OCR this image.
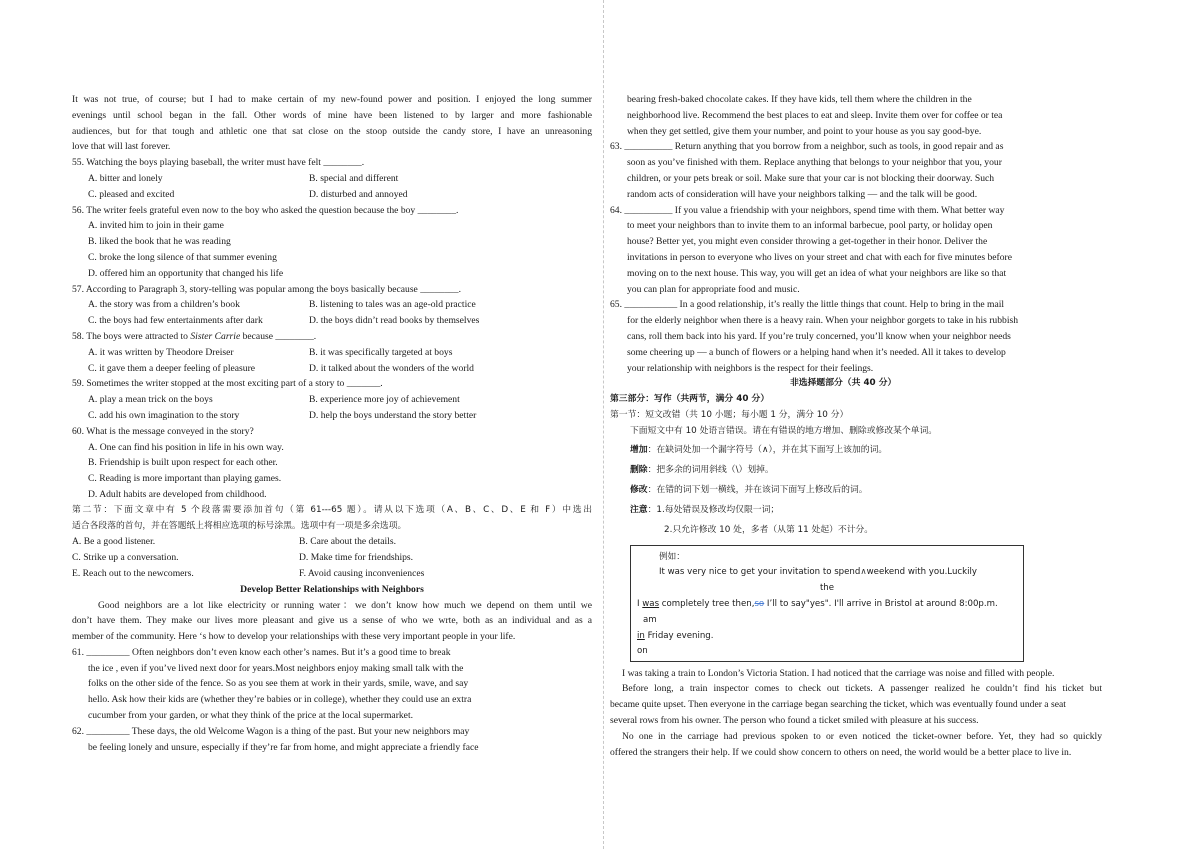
It was not true, of course; but I had to make certain of my new-found power and position. I enjoyed the long summer
evenings until school began in the fall. Other words of mine have been listened to by larger and more fashionable
audiences, but for that tough and athletic one that sat close on the stoop outside the candy store, I have an unreasoning
love that will last forever.
55. Watching the boys playing baseball, the writer must have felt ________.
A. bitter and lonely	B. special and different
C. pleased and excited	D. disturbed and annoyed
56. The writer feels grateful even now to the boy who asked the question because the boy ________.
A. invited him to join in their game
B. liked the book that he was reading
C. broke the long silence of that summer evening
D. offered him an opportunity that changed his life
57. According to Paragraph 3, story-telling was popular among the boys basically because ________.
A. the story was from a children’s book	B. listening to tales was an age-old practice
C. the boys had few entertainments after dark	D. the boys didn’t read books by themselves
58. The boys were attracted to Sister Carrie because ________.
A. it was written by Theodore Dreiser	B. it was specifically targeted at boys
C. it gave them a deeper feeling of pleasure	D. it talked about the wonders of the world
59. Sometimes the writer stopped at the most exciting part of a story to _______.
A. play a mean trick on the boys	B. experience more joy of achievement
C. add his own imagination to the story	D. help the boys understand the story better
60. What is the message conveyed in the story?
A. One can find his position in life in his own way.
B. Friendship is built upon respect for each other.
C. Reading is more important than playing games.
D. Adult habits are developed from childhood.
第二节：下面文章中有 5 个段落需要添加首句（第 61---65 题）。请从以下选项（A、B、C、D、E 和 F）中选出
适合各段落的首句，并在答题纸上将相应选项的标号涂黑。选项中有一项是多余选项。
A. Be a good listener.	B. Care about the details.
C. Strike up a conversation.	D. Make time for friendships.
E. Reach out to the newcomers.	F. Avoid causing inconveniences
Develop Better Relationships with Neighbors
Good neighbors are a lot like electricity or running water：we don’t know how much we depend on them until we
don’t have them. They make our lives more pleasant and give us a sense of who we wrte, both as an individual and as a
member of the community. Here ‘s how to develop your relationships with these very important people in your life.
61. _________ Often neighbors don’t even know each other’s names. But it’s a good time to break
the ice , even if you’ve lived next door for years.Most neighbors enjoy making small talk with the
folks on the other side of the fence. So as you see them at work in their yards, smile, wave, and say
hello. Ask how their kids are (whether they’re babies or in college), whether they could use an extra
cucumber from your garden, or what they think of the price at the local supermarket.
62. _________ These days, the old Welcome Wagon is a thing of the past. But your new neighbors may
be feeling lonely and unsure, especially if they’re far from home, and might appreciate a friendly face
bearing fresh-baked chocolate cakes. If they have kids, tell them where the children in the
neighborhood live. Recommend the best places to eat and sleep. Invite them over for coffee or tea
when they get settled, give them your number, and point to your house as you say good-bye.
63. __________ Return anything that you borrow from a neighbor, such as tools, in good repair and as
soon as you’ve finished with them. Replace anything that belongs to your neighbor that you, your
children, or your pets break or soil. Make sure that your car is not blocking their doorway. Such
random acts of consideration will have your neighbors talking — and the talk will be good.
64. __________ If you value a friendship with your neighbors, spend time with them. What better way
to meet your neighbors than to invite them to an informal barbecue, pool party, or holiday open
house? Better yet, you might even consider throwing a get-together in their honor. Deliver the
invitations in person to everyone who lives on your street and chat with each for five minutes before
moving on to the next house. This way, you will get an idea of what your neighbors are like so that
you can plan for appropriate food and music.
65. ___________ In a good relationship, it’s really the little things that count. Help to bring in the mail
for the elderly neighbor when there is a heavy rain. When your neighbor gorgets to take in his rubbish
cans, roll them back into his yard. If you’re truly concerned, you’ll know when your neighbor needs
some cheering up — a bunch of flowers or a helping hand when it’s needed. All it takes to develop
your relationship with neighbors is the respect for their feelings.
非选择题部分（共 40 分）
第三部分：写作（共两节，满分 40 分）
第一节：短文改错（共 10 小题；每小题 1 分，满分 10 分）
下面短文中有 10 处语言错误。请在有错误的地方增加、删除或修改某个单词。
增加：在缺词处加一个漏字符号（∧），并在其下面写上该加的词。
删除：把多余的词用斜线（\）划掉。
修改：在错的词下划一横线，并在该词下面写上修改后的词。
注意：1.每处错误及修改均仅限一词；
2.只允许修改 10 处，多者（从第 11 处起）不计分。
例如：
It was very nice to get your invitation to spend∧weekend with you.Luckily
the
I was completely tree then,so I’ll to say"yes". I'll arrive in Bristol at around 8:00p.m.
am
in Friday evening.
on
I was taking a train to London’s Victoria Station. I had noticed that the carriage was noise and filled with people.
Before long, a train inspector comes to check out tickets. A passenger realized he couldn’t find his ticket but
became quite upset. Then everyone in the carriage began searching the ticket, which was eventually found under a seat
several rows from his owner. The person who found a ticket smiled with pleasure at his success.
No one in the carriage had previous spoken to or even noticed the ticket-owner before. Yet, they had so quickly
offered the strangers their help. If we could show concern to others on need, the world would be a better place to live in.
